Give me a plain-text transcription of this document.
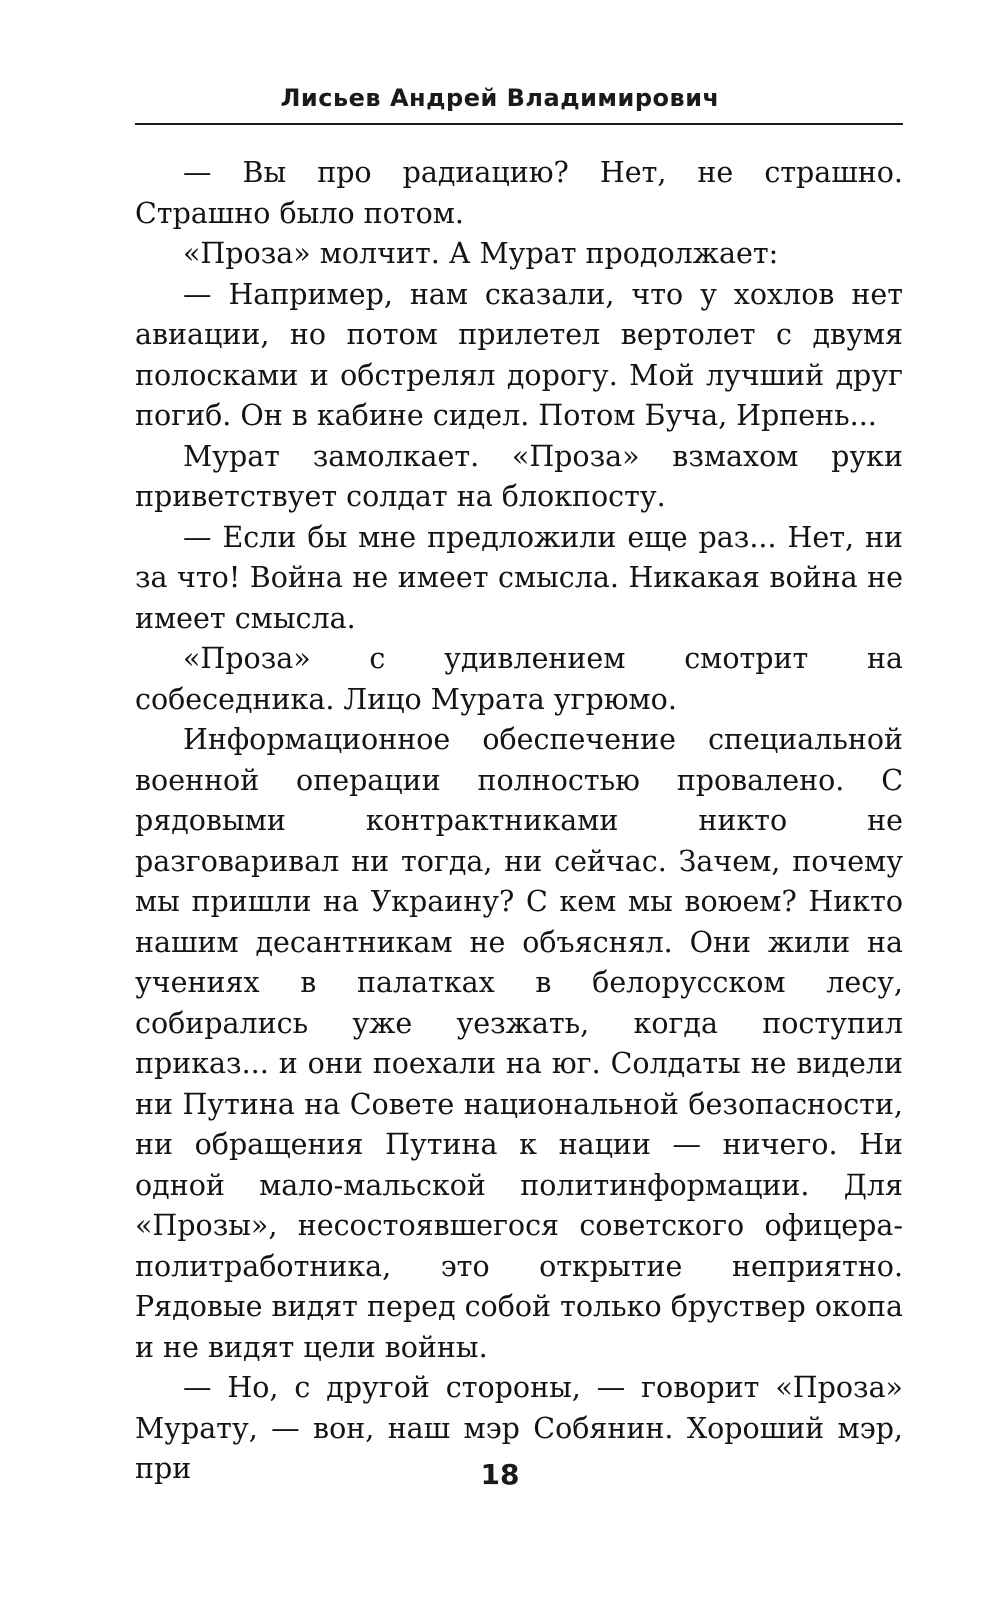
Лисьев Андрей Владимирович

— Вы про радиацию? Нет, не страшно. Страшно было потом.

«Проза» молчит. А Мурат продолжает:

— Например, нам сказали, что у хохлов нет авиации, но потом прилетел вертолет с двумя полосками и обстрелял дорогу. Мой лучший друг погиб. Он в кабине сидел. Потом Буча, Ирпень...

Мурат замолкает. «Проза» взмахом руки приветствует солдат на блокпосту.

— Если бы мне предложили еще раз... Нет, ни за что! Война не имеет смысла. Никакая война не имеет смысла.

«Проза» с удивлением смотрит на собеседника. Лицо Мурата угрюмо.

Информационное обеспечение специальной военной операции полностью провалено. С рядовыми контрактниками никто не разговаривал ни тогда, ни сейчас. Зачем, почему мы пришли на Украину? С кем мы воюем? Никто нашим десантникам не объяснял. Они жили на учениях в палатках в белорусском лесу, собирались уже уезжать, когда поступил приказ... и они поехали на юг. Солдаты не видели ни Путина на Совете национальной безопасности, ни обращения Путина к нации — ничего. Ни одной мало-мальской политинформации. Для «Прозы», несостоявшегося советского офицера-политработника, это открытие неприятно. Рядовые видят перед собой только бруствер окопа и не видят цели войны.

— Но, с другой стороны, — говорит «Проза» Мурату, — вон, наш мэр Собянин. Хороший мэр, при	18
